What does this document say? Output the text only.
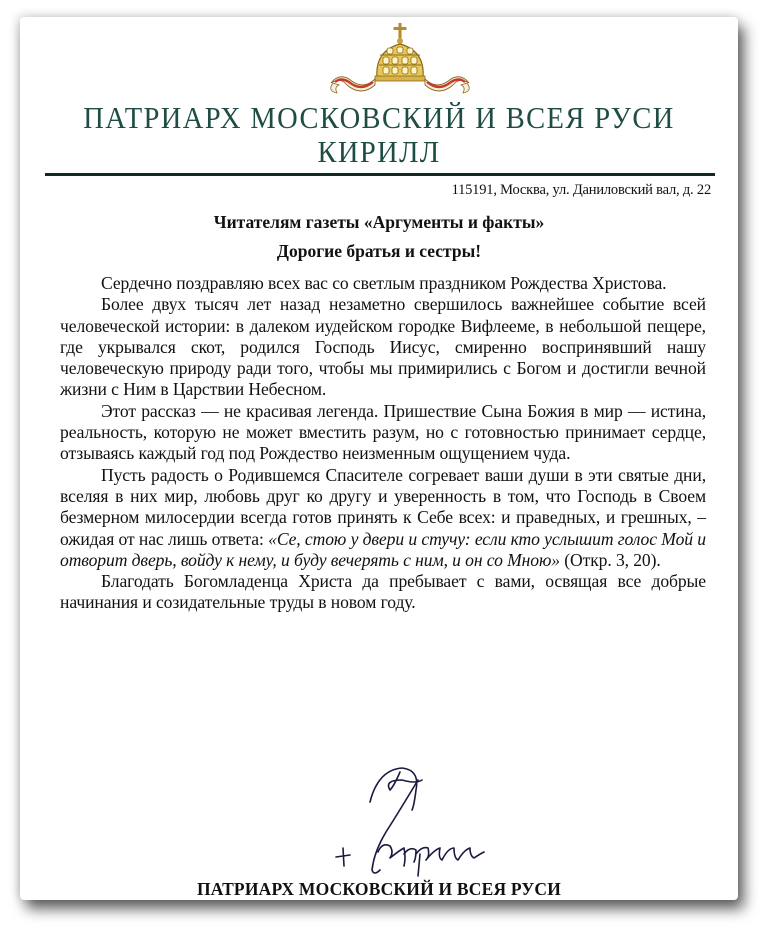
ПАТРИАРХ МОСКОВСКИЙ И ВСЕЯ РУСИ
КИРИЛЛ
115191, Москва, ул. Даниловский вал, д. 22
Читателям газеты «Аргументы и факты»
Дорогие братья и сестры!

Сердечно поздравляю всех вас со светлым праздником Рождества Христова.

Более двух тысяч лет назад незаметно свершилось важнейшее событие всей человеческой истории: в далеком иудейском городке Вифлееме, в небольшой пещере, где укрывался скот, родился Господь Иисус, смиренно воспринявший нашу человеческую природу ради того, чтобы мы примирились с Богом и достигли вечной жизни с Ним в Царствии Небесном.

Этот рассказ — не красивая легенда. Пришествие Сына Божия в мир — истина, реальность, которую не может вместить разум, но с готовностью принимает сердце, отзываясь каждый год под Рождество неизменным ощущением чуда.

Пусть радость о Родившемся Спасителе согревает ваши души в эти святые дни, вселяя в них мир, любовь друг ко другу и уверенность в том, что Господь в Своем безмерном милосердии всегда готов принять к Себе всех: и праведных, и грешных, – ожидая от нас лишь ответа: «Се, стою у двери и стучу: если кто услышит голос Мой и отворит дверь, войду к нему, и буду вечерять с ним, и он со Мною» (Откр. 3, 20).

Благодать Богомладенца Христа да пребывает с вами, освящая все добрые начинания и созидательные труды в новом году.

ПАТРИАРХ МОСКОВСКИЙ И ВСЕЯ РУСИ
